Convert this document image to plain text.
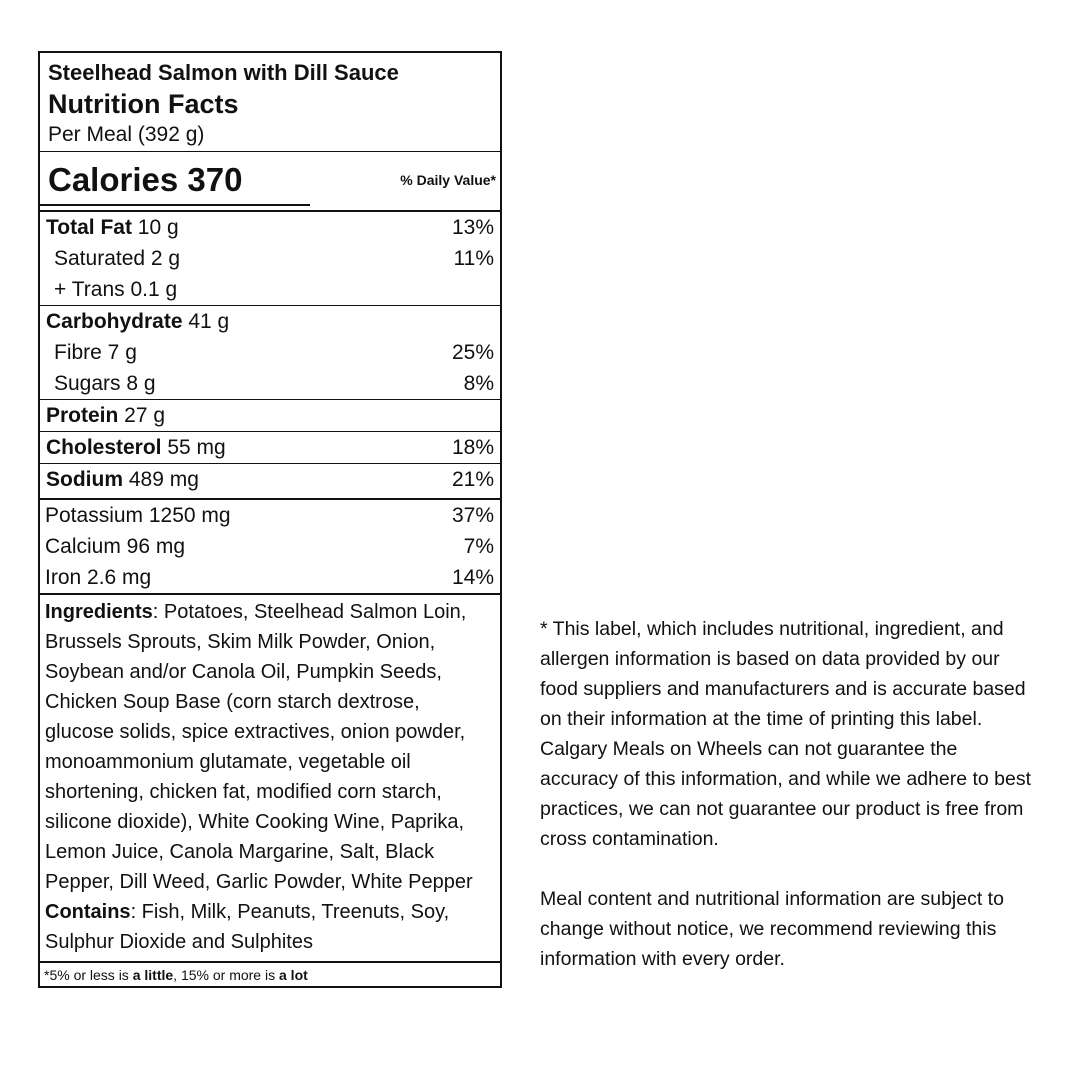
Steelhead Salmon with Dill Sauce
Nutrition Facts
Per Meal (392 g)
Calories 370	% Daily Value*
Total Fat 10 g	13%
Saturated 2 g	11%
+ Trans 0.1 g
Carbohydrate 41 g
Fibre 7 g	25%
Sugars 8 g	8%
Protein 27 g
Cholesterol 55 mg	18%
Sodium 489 mg	21%
Potassium 1250 mg	37%
Calcium 96 mg	7%
Iron 2.6 mg	14%
Ingredients: Potatoes, Steelhead Salmon Loin, Brussels Sprouts, Skim Milk Powder, Onion, Soybean and/or Canola Oil, Pumpkin Seeds, Chicken Soup Base (corn starch dextrose, glucose solids, spice extractives, onion powder, monoammonium glutamate, vegetable oil shortening, chicken fat, modified corn starch, silicone dioxide), White Cooking Wine, Paprika, Lemon Juice, Canola Margarine, Salt, Black Pepper, Dill Weed, Garlic Powder, White Pepper
Contains: Fish, Milk, Peanuts, Treenuts, Soy, Sulphur Dioxide and Sulphites
*5% or less is a little, 15% or more is a lot

* This label, which includes nutritional, ingredient, and allergen information is based on data provided by our food suppliers and manufacturers and is accurate based on their information at the time of printing this label. Calgary Meals on Wheels can not guarantee the accuracy of this information, and while we adhere to best practices, we can not guarantee our product is free from cross contamination.

Meal content and nutritional information are subject to change without notice, we recommend reviewing this information with every order.
